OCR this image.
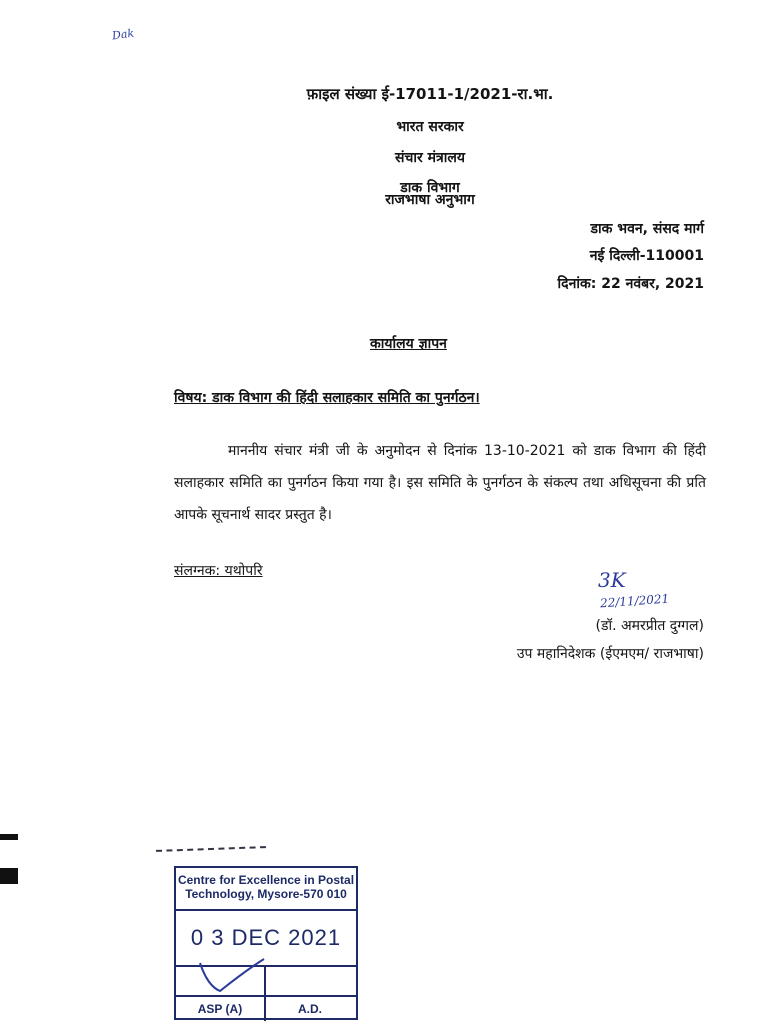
Dak
फ़ाइल संख्या ई-17011-1/2021-रा.भा.
भारत सरकार
संचार मंत्रालय
डाक विभाग
राजभाषा अनुभाग
डाक भवन, संसद मार्ग
नई दिल्ली-110001
दिनांक: 22 नवंबर, 2021
कार्यालय ज्ञापन
विषय: डाक विभाग की हिंदी सलाहकार समिति का पुनर्गठन।
माननीय संचार मंत्री जी के अनुमोदन से दिनांक 13-10-2021 को डाक विभाग की हिंदी सलाहकार समिति का पुनर्गठन किया गया है। इस समिति के पुनर्गठन के संकल्प तथा अधिसूचना की प्रति आपके सूचनार्थ सादर प्रस्तुत है।
संलग्नक: यथोपरि	3K
22/11/2021
(डॉ. अमरप्रीत दुग्गल)
उप महानिदेशक (ईएमएम/ राजभाषा)
Centre for Excellence in Postal
Technology, Mysore-570 010
0 3 DEC 2021
ASP (A)	A.D.
